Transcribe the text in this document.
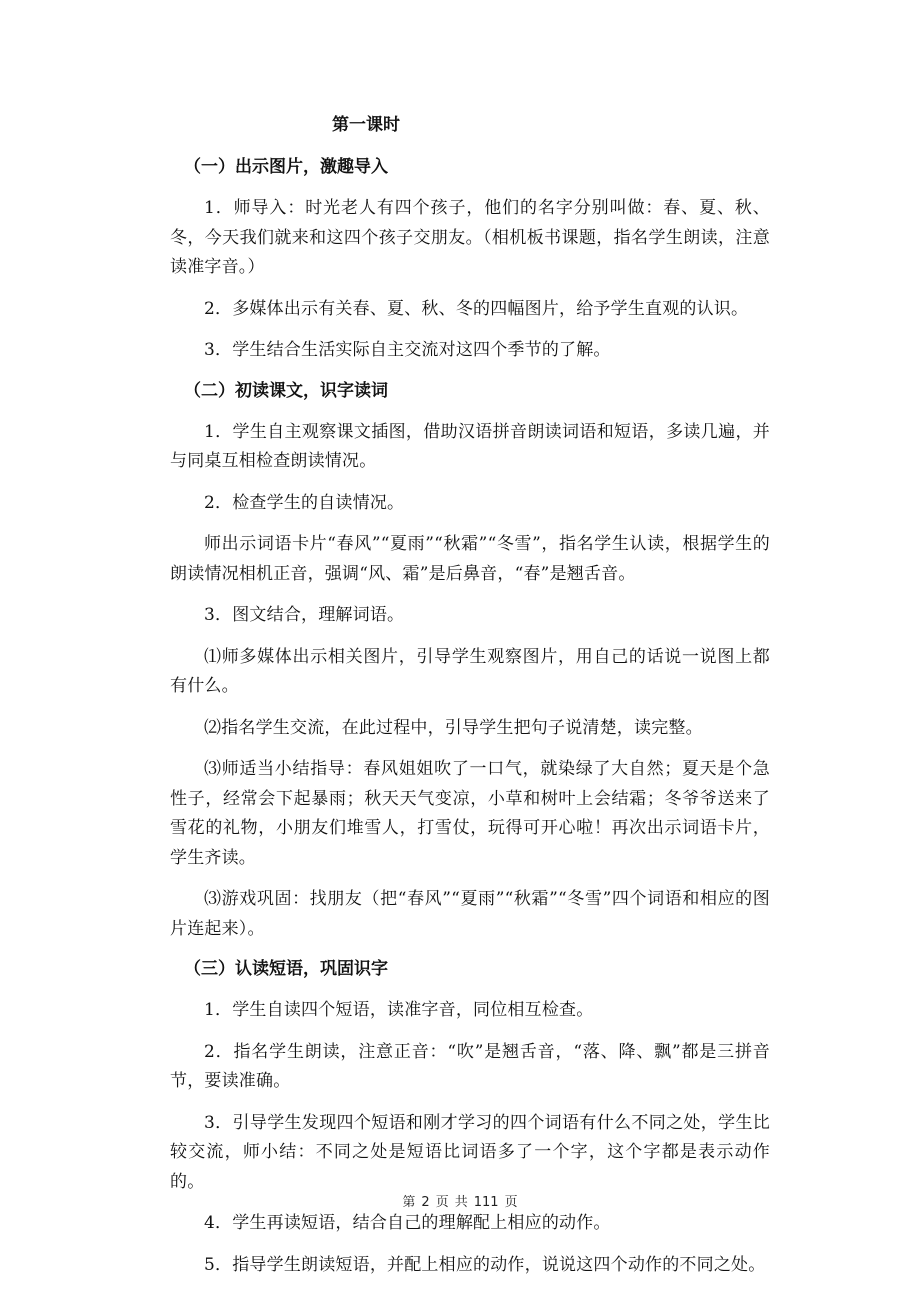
第一课时
（一）出示图片，激趣导入

1．师导入：时光老人有四个孩子，他们的名字分别叫做：春、夏、秋、冬，今天我们就来和这四个孩子交朋友。（相机板书课题，指名学生朗读，注意读准字音。）

2．多媒体出示有关春、夏、秋、冬的四幅图片，给予学生直观的认识。

3．学生结合生活实际自主交流对这四个季节的了解。

（二）初读课文，识字读词

1．学生自主观察课文插图，借助汉语拼音朗读词语和短语，多读几遍，并与同桌互相检查朗读情况。

2．检查学生的自读情况。

师出示词语卡片“春风”“夏雨”“秋霜”“冬雪”，指名学生认读，根据学生的朗读情况相机正音，强调“风、霜”是后鼻音，“春”是翘舌音。

3．图文结合，理解词语。

⑴师多媒体出示相关图片，引导学生观察图片，用自己的话说一说图上都有什么。

⑵指名学生交流，在此过程中，引导学生把句子说清楚，读完整。

⑶师适当小结指导：春风姐姐吹了一口气，就染绿了大自然；夏天是个急性子，经常会下起暴雨；秋天天气变凉，小草和树叶上会结霜；冬爷爷送来了雪花的礼物，小朋友们堆雪人，打雪仗，玩得可开心啦！再次出示词语卡片，学生齐读。

⑶游戏巩固：找朋友（把“春风”“夏雨”“秋霜”“冬雪”四个词语和相应的图片连起来）。

（三）认读短语，巩固识字

1．学生自读四个短语，读准字音，同位相互检查。

2．指名学生朗读，注意正音：“吹”是翘舌音，“落、降、飘”都是三拼音节，要读准确。

3．引导学生发现四个短语和刚才学习的四个词语有什么不同之处，学生比较交流，师小结：不同之处是短语比词语多了一个字，这个字都是表示动作的。

4．学生再读短语，结合自己的理解配上相应的动作。

5．指导学生朗读短语，并配上相应的动作，说说这四个动作的不同之处。

第 2 页 共 111 页
